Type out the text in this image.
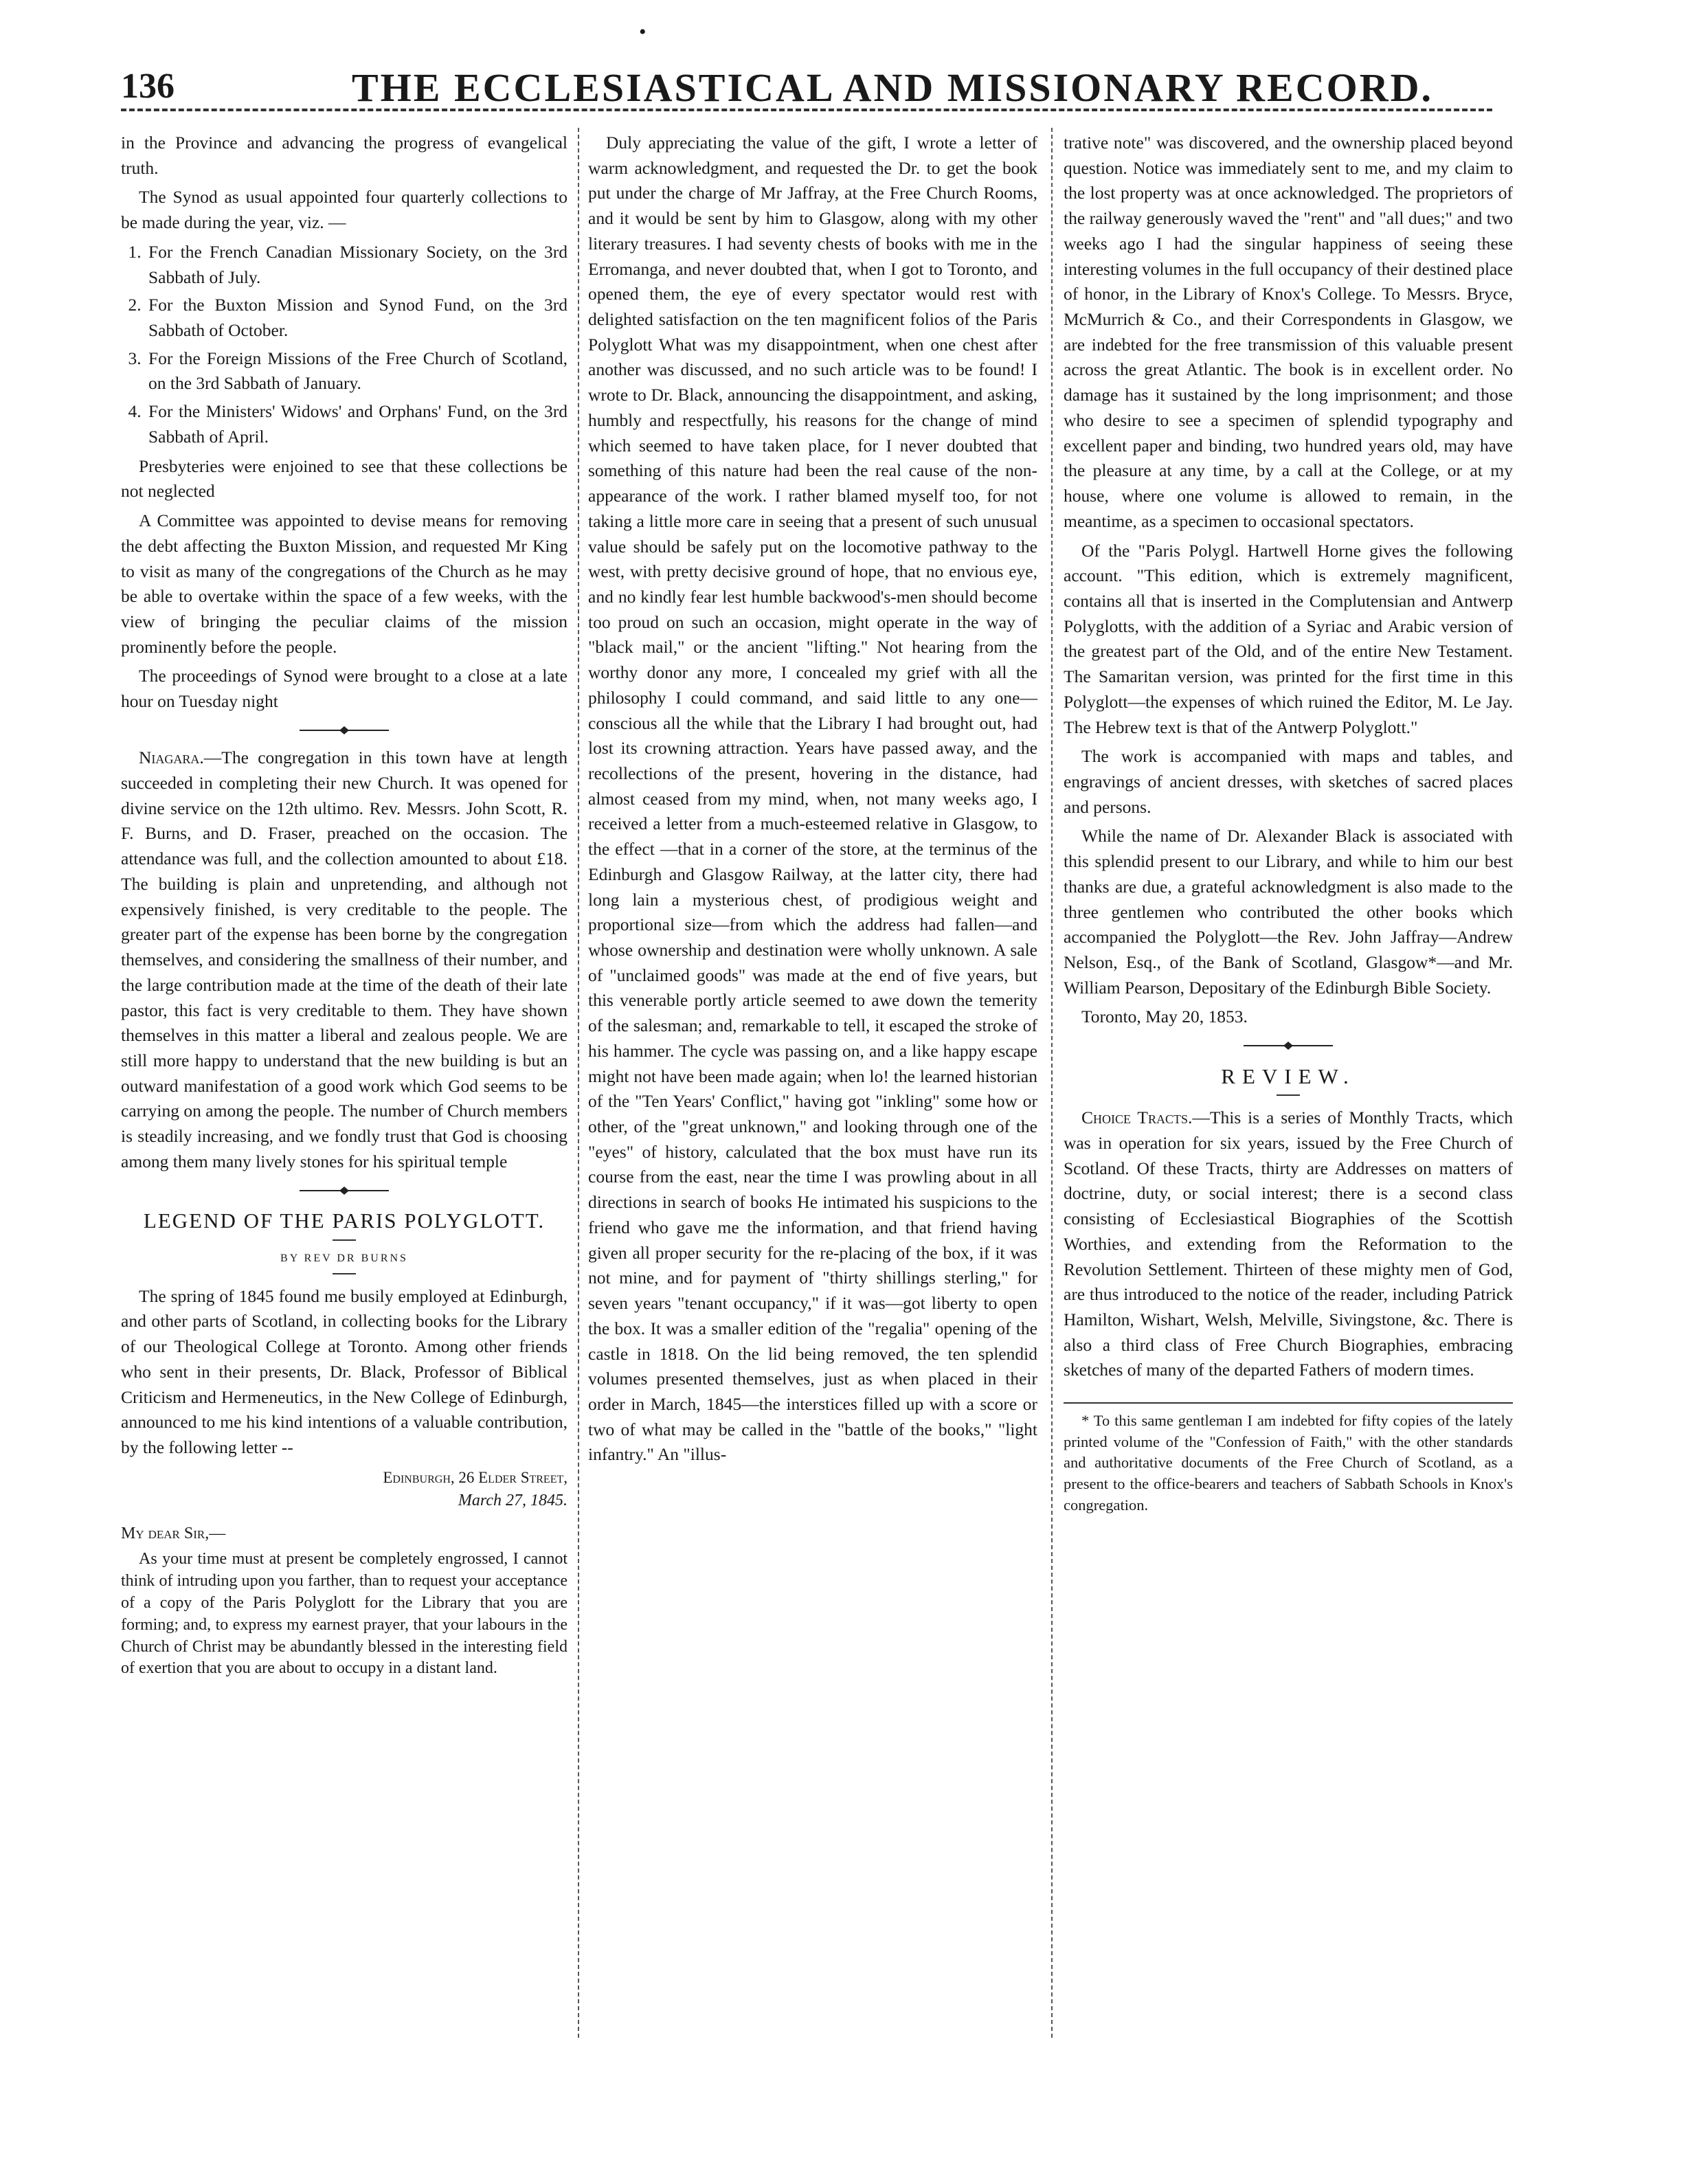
•
136	THE ECCLESIASTICAL AND MISSIONARY RECORD.

in the Province and advancing the progress of evangelical truth.

The Synod as usual appointed four quarterly collections to be made during the year, viz. —

1. For the French Canadian Missionary Society, on the 3rd Sabbath of July.
2. For the Buxton Mission and Synod Fund, on the 3rd Sabbath of October.
3. For the Foreign Missions of the Free Church of Scotland, on the 3rd Sabbath of January.
4. For the Ministers' Widows' and Orphans' Fund, on the 3rd Sabbath of April.

Presbyteries were enjoined to see that these collections be not neglected

A Committee was appointed to devise means for removing the debt affecting the Buxton Mission, and requested Mr King to visit as many of the congregations of the Church as he may be able to overtake within the space of a few weeks, with the view of bringing the peculiar claims of the mission prominently before the people.

The proceedings of Synod were brought to a close at a late hour on Tuesday night

Niagara.—The congregation in this town have at length succeeded in completing their new Church. It was opened for divine service on the 12th ultimo. Rev. Messrs. John Scott, R. F. Burns, and D. Fraser, preached on the occasion. The attendance was full, and the collection amounted to about £18. The building is plain and unpretending, and although not expensively finished, is very creditable to the people. The greater part of the expense has been borne by the congregation themselves, and considering the smallness of their number, and the large contribution made at the time of the death of their late pastor, this fact is very creditable to them. They have shown themselves in this matter a liberal and zealous people. We are still more happy to understand that the new building is but an outward manifestation of a good work which God seems to be carrying on among the people. The number of Church members is steadily increasing, and we fondly trust that God is choosing among them many lively stones for his spiritual temple

LEGEND OF THE PARIS POLYGLOTT.
BY REV DR BURNS

The spring of 1845 found me busily employed at Edinburgh, and other parts of Scotland, in collecting books for the Library of our Theological College at Toronto. Among other friends who sent in their presents, Dr. Black, Professor of Biblical Criticism and Hermeneutics, in the New College of Edinburgh, announced to me his kind intentions of a valuable contribution, by the following letter --

Edinburgh, 26 Elder Street,
March 27, 1845.
My dear Sir,—

As your time must at present be completely engrossed, I cannot think of intruding upon you farther, than to request your acceptance of a copy of the Paris Polyglott for the Library that you are forming; and, to express my earnest prayer, that your labours in the Church of Christ may be abundantly blessed in the interesting field of exertion that you are about to occupy in a distant land.

Duly appreciating the value of the gift, I wrote a letter of warm acknowledgment, and requested the Dr. to get the book put under the charge of Mr Jaffray, at the Free Church Rooms, and it would be sent by him to Glasgow, along with my other literary treasures. I had seventy chests of books with me in the Erromanga, and never doubted that, when I got to Toronto, and opened them, the eye of every spectator would rest with delighted satisfaction on the ten magnificent folios of the Paris Polyglott What was my disappointment, when one chest after another was discussed, and no such article was to be found! I wrote to Dr. Black, announcing the disappointment, and asking, humbly and respectfully, his reasons for the change of mind which seemed to have taken place, for I never doubted that something of this nature had been the real cause of the non-appearance of the work. I rather blamed myself too, for not taking a little more care in seeing that a present of such unusual value should be safely put on the locomotive pathway to the west, with pretty decisive ground of hope, that no envious eye, and no kindly fear lest humble backwood's-men should become too proud on such an occasion, might operate in the way of "black mail," or the ancient "lifting." Not hearing from the worthy donor any more, I concealed my grief with all the philosophy I could command, and said little to any one—conscious all the while that the Library I had brought out, had lost its crowning attraction. Years have passed away, and the recollections of the present, hovering in the distance, had almost ceased from my mind, when, not many weeks ago, I received a letter from a much-esteemed relative in Glasgow, to the effect —that in a corner of the store, at the terminus of the Edinburgh and Glasgow Railway, at the latter city, there had long lain a mysterious chest, of prodigious weight and proportional size—from which the address had fallen—and whose ownership and destination were wholly unknown. A sale of "unclaimed goods" was made at the end of five years, but this venerable portly article seemed to awe down the temerity of the salesman; and, remarkable to tell, it escaped the stroke of his hammer. The cycle was passing on, and a like happy escape might not have been made again; when lo! the learned historian of the "Ten Years' Conflict," having got "inkling" some how or other, of the "great unknown," and looking through one of the "eyes" of history, calculated that the box must have run its course from the east, near the time I was prowling about in all directions in search of books He intimated his suspicions to the friend who gave me the information, and that friend having given all proper security for the re-placing of the box, if it was not mine, and for payment of "thirty shillings sterling," for seven years "tenant occupancy," if it was—got liberty to open the box. It was a smaller edition of the "regalia" opening of the castle in 1818. On the lid being removed, the ten splendid volumes presented themselves, just as when placed in their order in March, 1845—the interstices filled up with a score or two of what may be called in the "battle of the books," "light infantry." An "illus-

trative note" was discovered, and the ownership placed beyond question. Notice was immediately sent to me, and my claim to the lost property was at once acknowledged. The proprietors of the railway generously waved the "rent" and "all dues;" and two weeks ago I had the singular happiness of seeing these interesting volumes in the full occupancy of their destined place of honor, in the Library of Knox's College. To Messrs. Bryce, McMurrich & Co., and their Correspondents in Glasgow, we are indebted for the free transmission of this valuable present across the great Atlantic. The book is in excellent order. No damage has it sustained by the long imprisonment; and those who desire to see a specimen of splendid typography and excellent paper and binding, two hundred years old, may have the pleasure at any time, by a call at the College, or at my house, where one volume is allowed to remain, in the meantime, as a specimen to occasional spectators.

Of the "Paris Polygl. Hartwell Horne gives the following account. "This edition, which is extremely magnificent, contains all that is inserted in the Complutensian and Antwerp Polyglotts, with the addition of a Syriac and Arabic version of the greatest part of the Old, and of the entire New Testament. The Samaritan version, was printed for the first time in this Polyglott—the expenses of which ruined the Editor, M. Le Jay. The Hebrew text is that of the Antwerp Polyglott."

The work is accompanied with maps and tables, and engravings of ancient dresses, with sketches of sacred places and persons.

While the name of Dr. Alexander Black is associated with this splendid present to our Library, and while to him our best thanks are due, a grateful acknowledgment is also made to the three gentlemen who contributed the other books which accompanied the Polyglott—the Rev. John Jaffray—Andrew Nelson, Esq., of the Bank of Scotland, Glasgow*—and Mr. William Pearson, Depositary of the Edinburgh Bible Society.

Toronto, May 20, 1853.

REVIEW.

Choice Tracts.—This is a series of Monthly Tracts, which was in operation for six years, issued by the Free Church of Scotland. Of these Tracts, thirty are Addresses on matters of doctrine, duty, or social interest; there is a second class consisting of Ecclesiastical Biographies of the Scottish Worthies, and extending from the Reformation to the Revolution Settlement. Thirteen of these mighty men of God, are thus introduced to the notice of the reader, including Patrick Hamilton, Wishart, Welsh, Melville, Sivingstone, &c. There is also a third class of Free Church Biographies, embracing sketches of many of the departed Fathers of modern times.

* To this same gentleman I am indebted for fifty copies of the lately printed volume of the "Confession of Faith," with the other standards and authoritative documents of the Free Church of Scotland, as a present to the office-bearers and teachers of Sabbath Schools in Knox's congregation.
